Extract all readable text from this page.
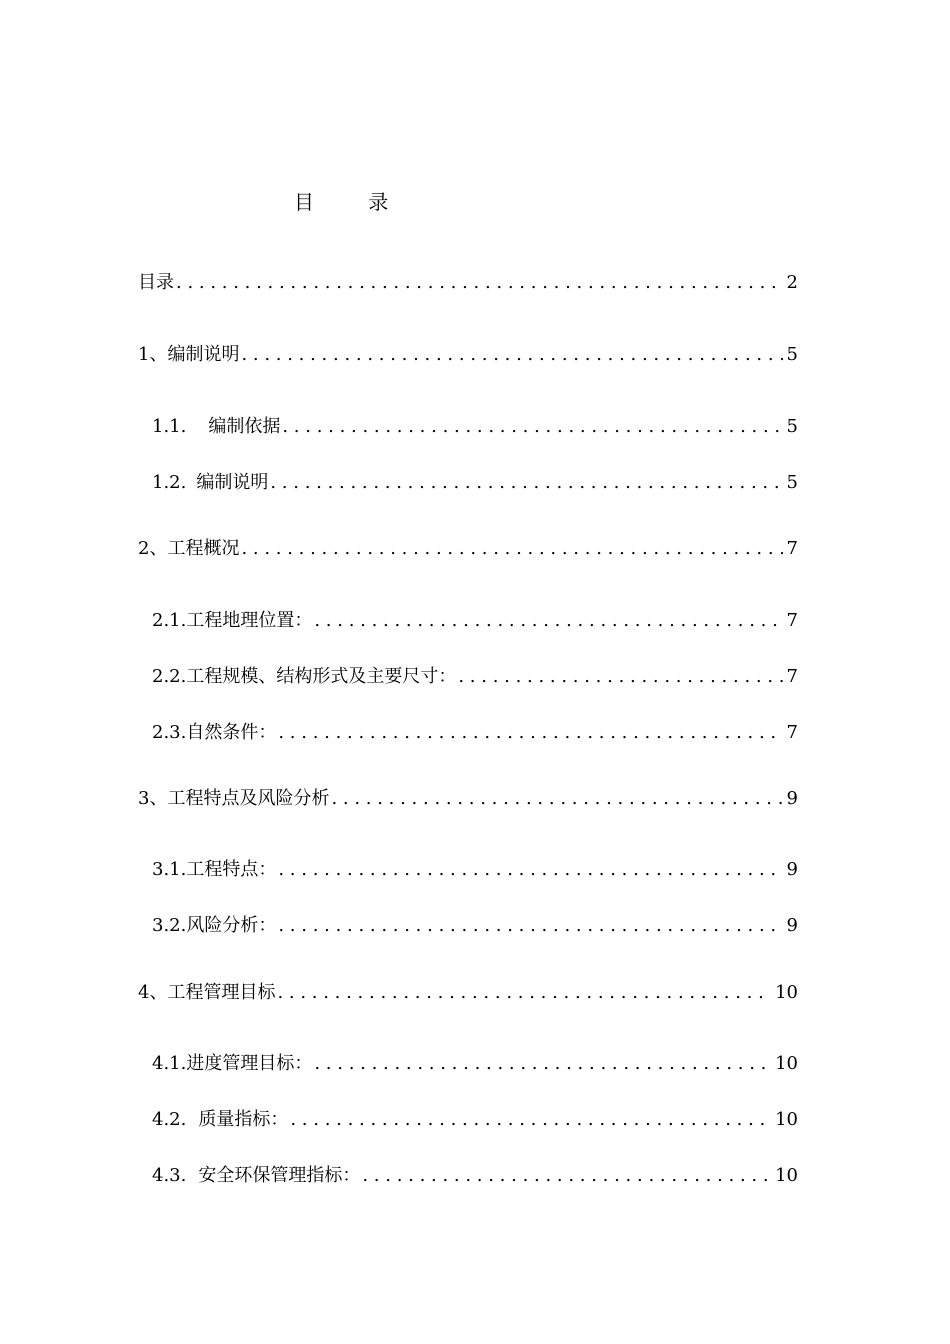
目 录
目 录 . . .	2
1、 编制说明 . . .	5
1.1. 编制依据 . . .	5
1.2. 编制说明 . . .	5
2、 工程概况 . . .	7
2.1. 工程地理位置： . . .	7
2.2. 工程规模、结构形式及主要尺寸： . . .	7
2.3. 自然条件： . . .	7
3、 工程特点及风险分析 . . .	9
3.1. 工程特点： . . .	9
3.2. 风险分析： . . .	9
4、 工程管理目标 . . .	10
4.1. 进度管理目标： . . .	10
4.2. 质量指标： . . .	10
4.3. 安全环保管理指标： . . .	10
